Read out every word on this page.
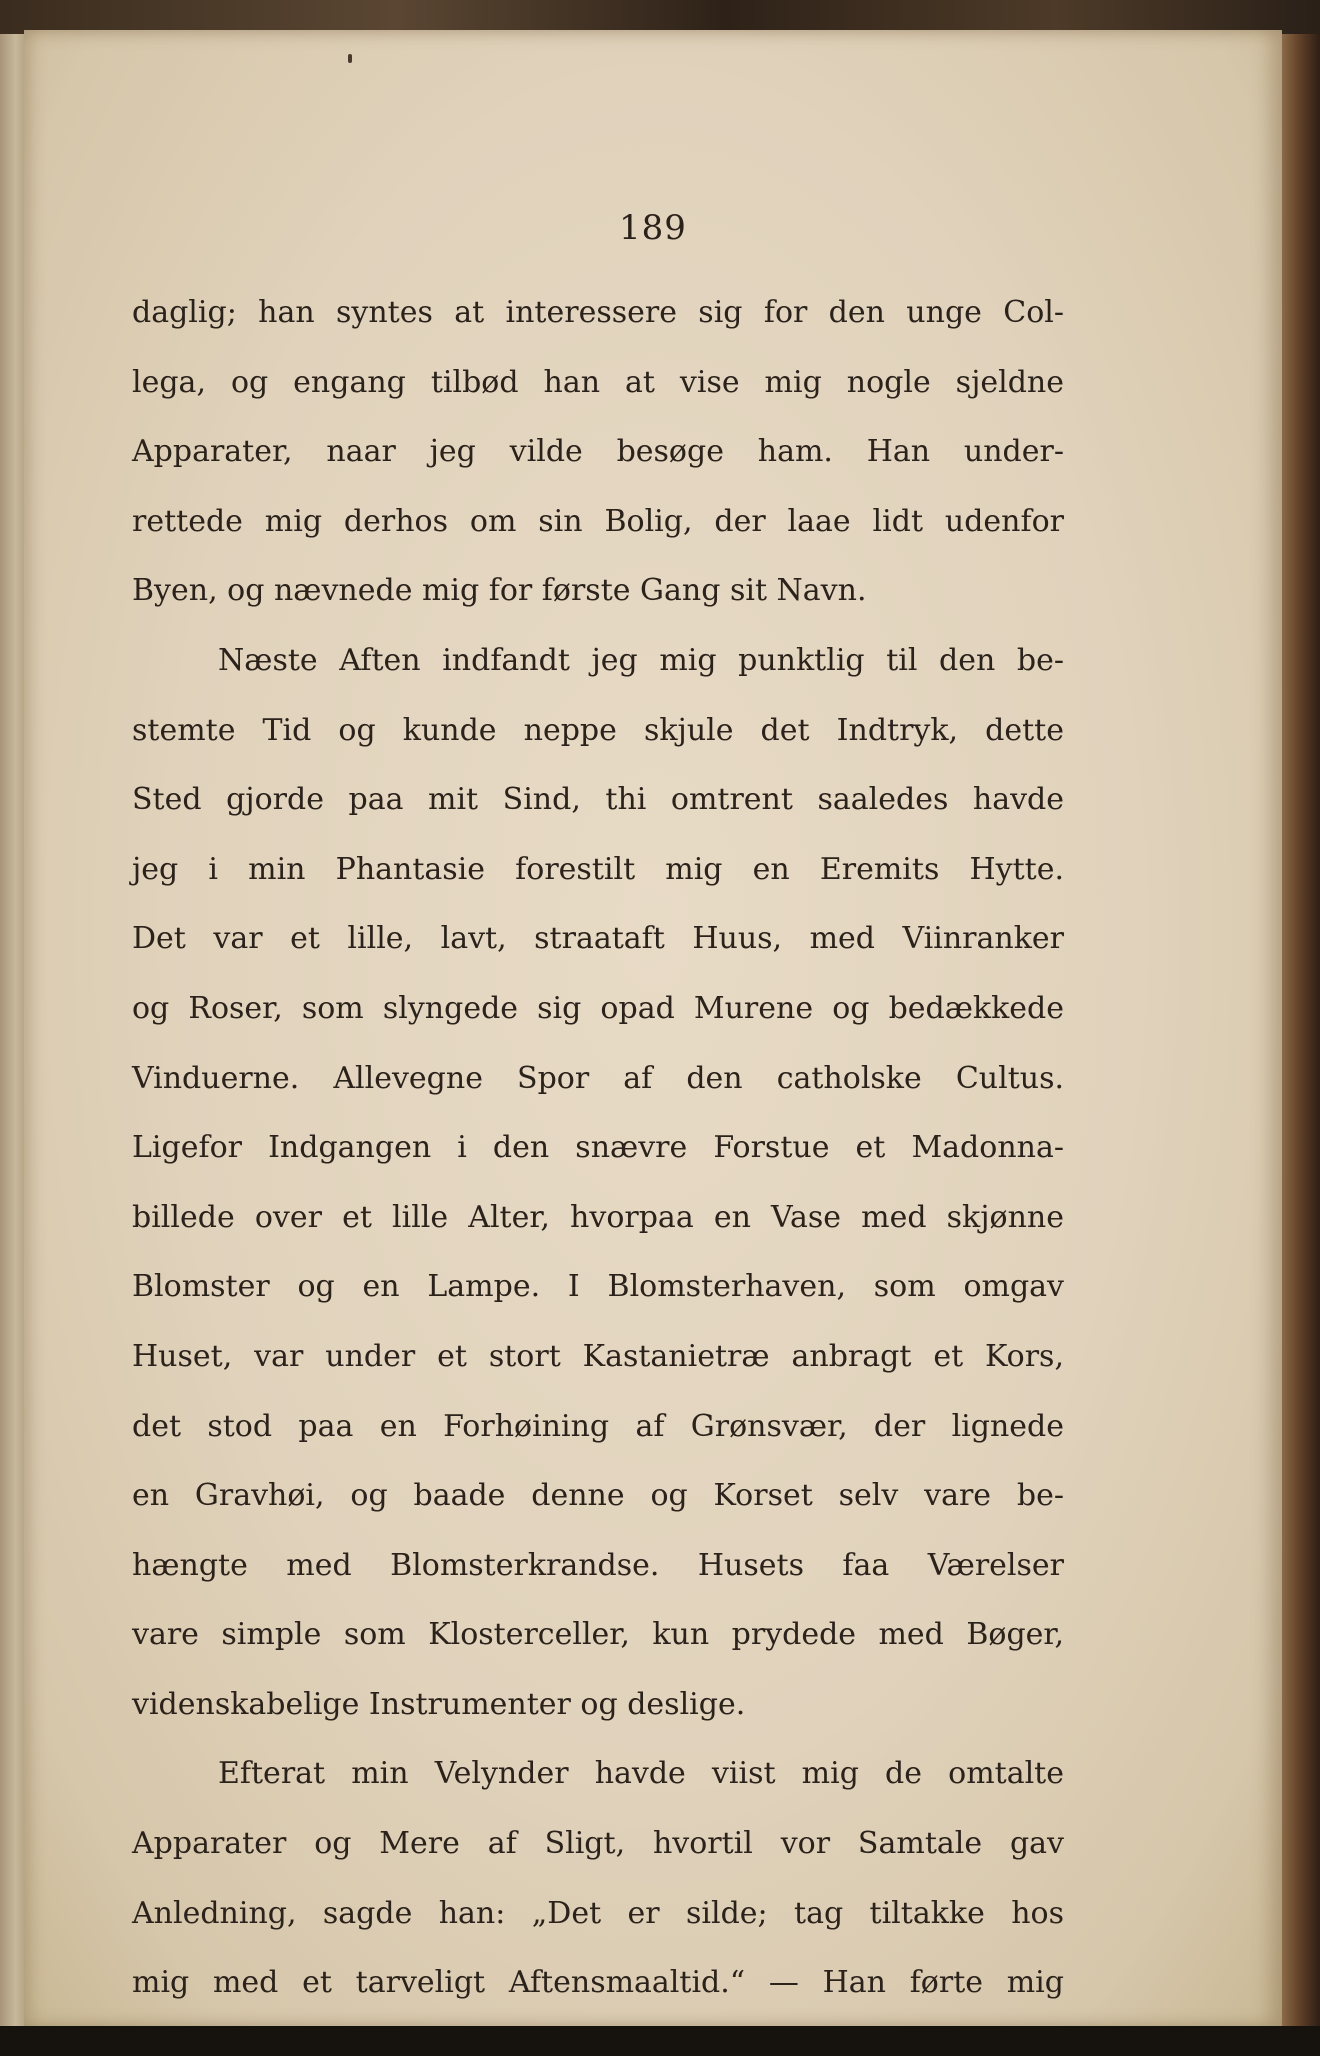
189
daglig; han syntes at interessere sig for den unge Col-
lega, og engang tilbød han at vise mig nogle sjeldne
Apparater, naar jeg vilde besøge ham. Han under-
rettede mig derhos om sin Bolig, der laae lidt udenfor
Byen, og nævnede mig for første Gang sit Navn.
Næste Aften indfandt jeg mig punktlig til den be-
stemte Tid og kunde neppe skjule det Indtryk, dette
Sted gjorde paa mit Sind, thi omtrent saaledes havde
jeg i min Phantasie forestilt mig en Eremits Hytte.
Det var et lille, lavt, straataft Huus, med Viinranker
og Roser, som slyngede sig opad Murene og bedækkede
Vinduerne. Allevegne Spor af den catholske Cultus.
Ligefor Indgangen i den snævre Forstue et Madonna-
billede over et lille Alter, hvorpaa en Vase med skjønne
Blomster og en Lampe. I Blomsterhaven, som omgav
Huset, var under et stort Kastanietræ anbragt et Kors,
det stod paa en Forhøining af Grønsvær, der lignede
en Gravhøi, og baade denne og Korset selv vare be-
hængte med Blomsterkrandse. Husets faa Værelser
vare simple som Klosterceller, kun prydede med Bøger,
videnskabelige Instrumenter og deslige.
Efterat min Velynder havde viist mig de omtalte
Apparater og Mere af Sligt, hvortil vor Samtale gav
Anledning, sagde han: „Det er silde; tag tiltakke hos
mig med et tarveligt Aftensmaaltid.“ — Han førte mig
